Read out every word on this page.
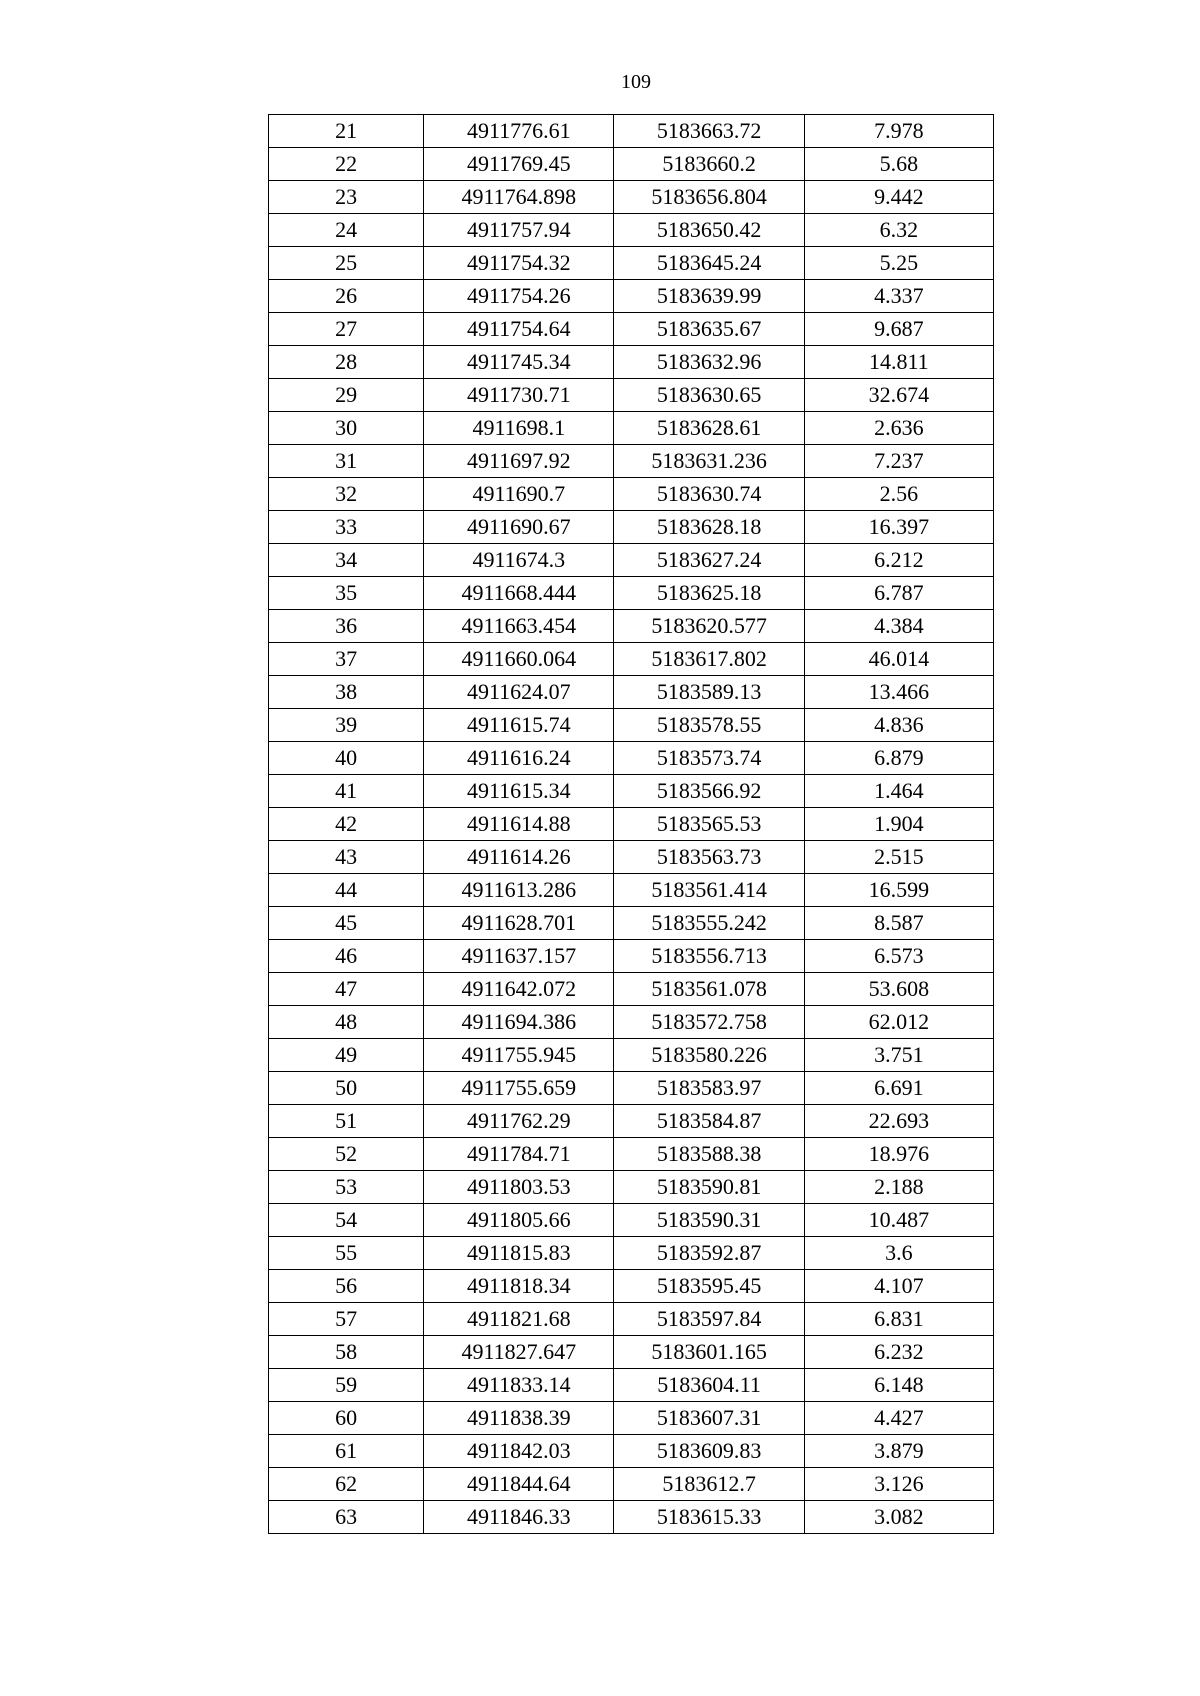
109
21	4911776.61	5183663.72	7.978
22	4911769.45	5183660.2	5.68
23	4911764.898	5183656.804	9.442
24	4911757.94	5183650.42	6.32
25	4911754.32	5183645.24	5.25
26	4911754.26	5183639.99	4.337
27	4911754.64	5183635.67	9.687
28	4911745.34	5183632.96	14.811
29	4911730.71	5183630.65	32.674
30	4911698.1	5183628.61	2.636
31	4911697.92	5183631.236	7.237
32	4911690.7	5183630.74	2.56
33	4911690.67	5183628.18	16.397
34	4911674.3	5183627.24	6.212
35	4911668.444	5183625.18	6.787
36	4911663.454	5183620.577	4.384
37	4911660.064	5183617.802	46.014
38	4911624.07	5183589.13	13.466
39	4911615.74	5183578.55	4.836
40	4911616.24	5183573.74	6.879
41	4911615.34	5183566.92	1.464
42	4911614.88	5183565.53	1.904
43	4911614.26	5183563.73	2.515
44	4911613.286	5183561.414	16.599
45	4911628.701	5183555.242	8.587
46	4911637.157	5183556.713	6.573
47	4911642.072	5183561.078	53.608
48	4911694.386	5183572.758	62.012
49	4911755.945	5183580.226	3.751
50	4911755.659	5183583.97	6.691
51	4911762.29	5183584.87	22.693
52	4911784.71	5183588.38	18.976
53	4911803.53	5183590.81	2.188
54	4911805.66	5183590.31	10.487
55	4911815.83	5183592.87	3.6
56	4911818.34	5183595.45	4.107
57	4911821.68	5183597.84	6.831
58	4911827.647	5183601.165	6.232
59	4911833.14	5183604.11	6.148
60	4911838.39	5183607.31	4.427
61	4911842.03	5183609.83	3.879
62	4911844.64	5183612.7	3.126
63	4911846.33	5183615.33	3.082
